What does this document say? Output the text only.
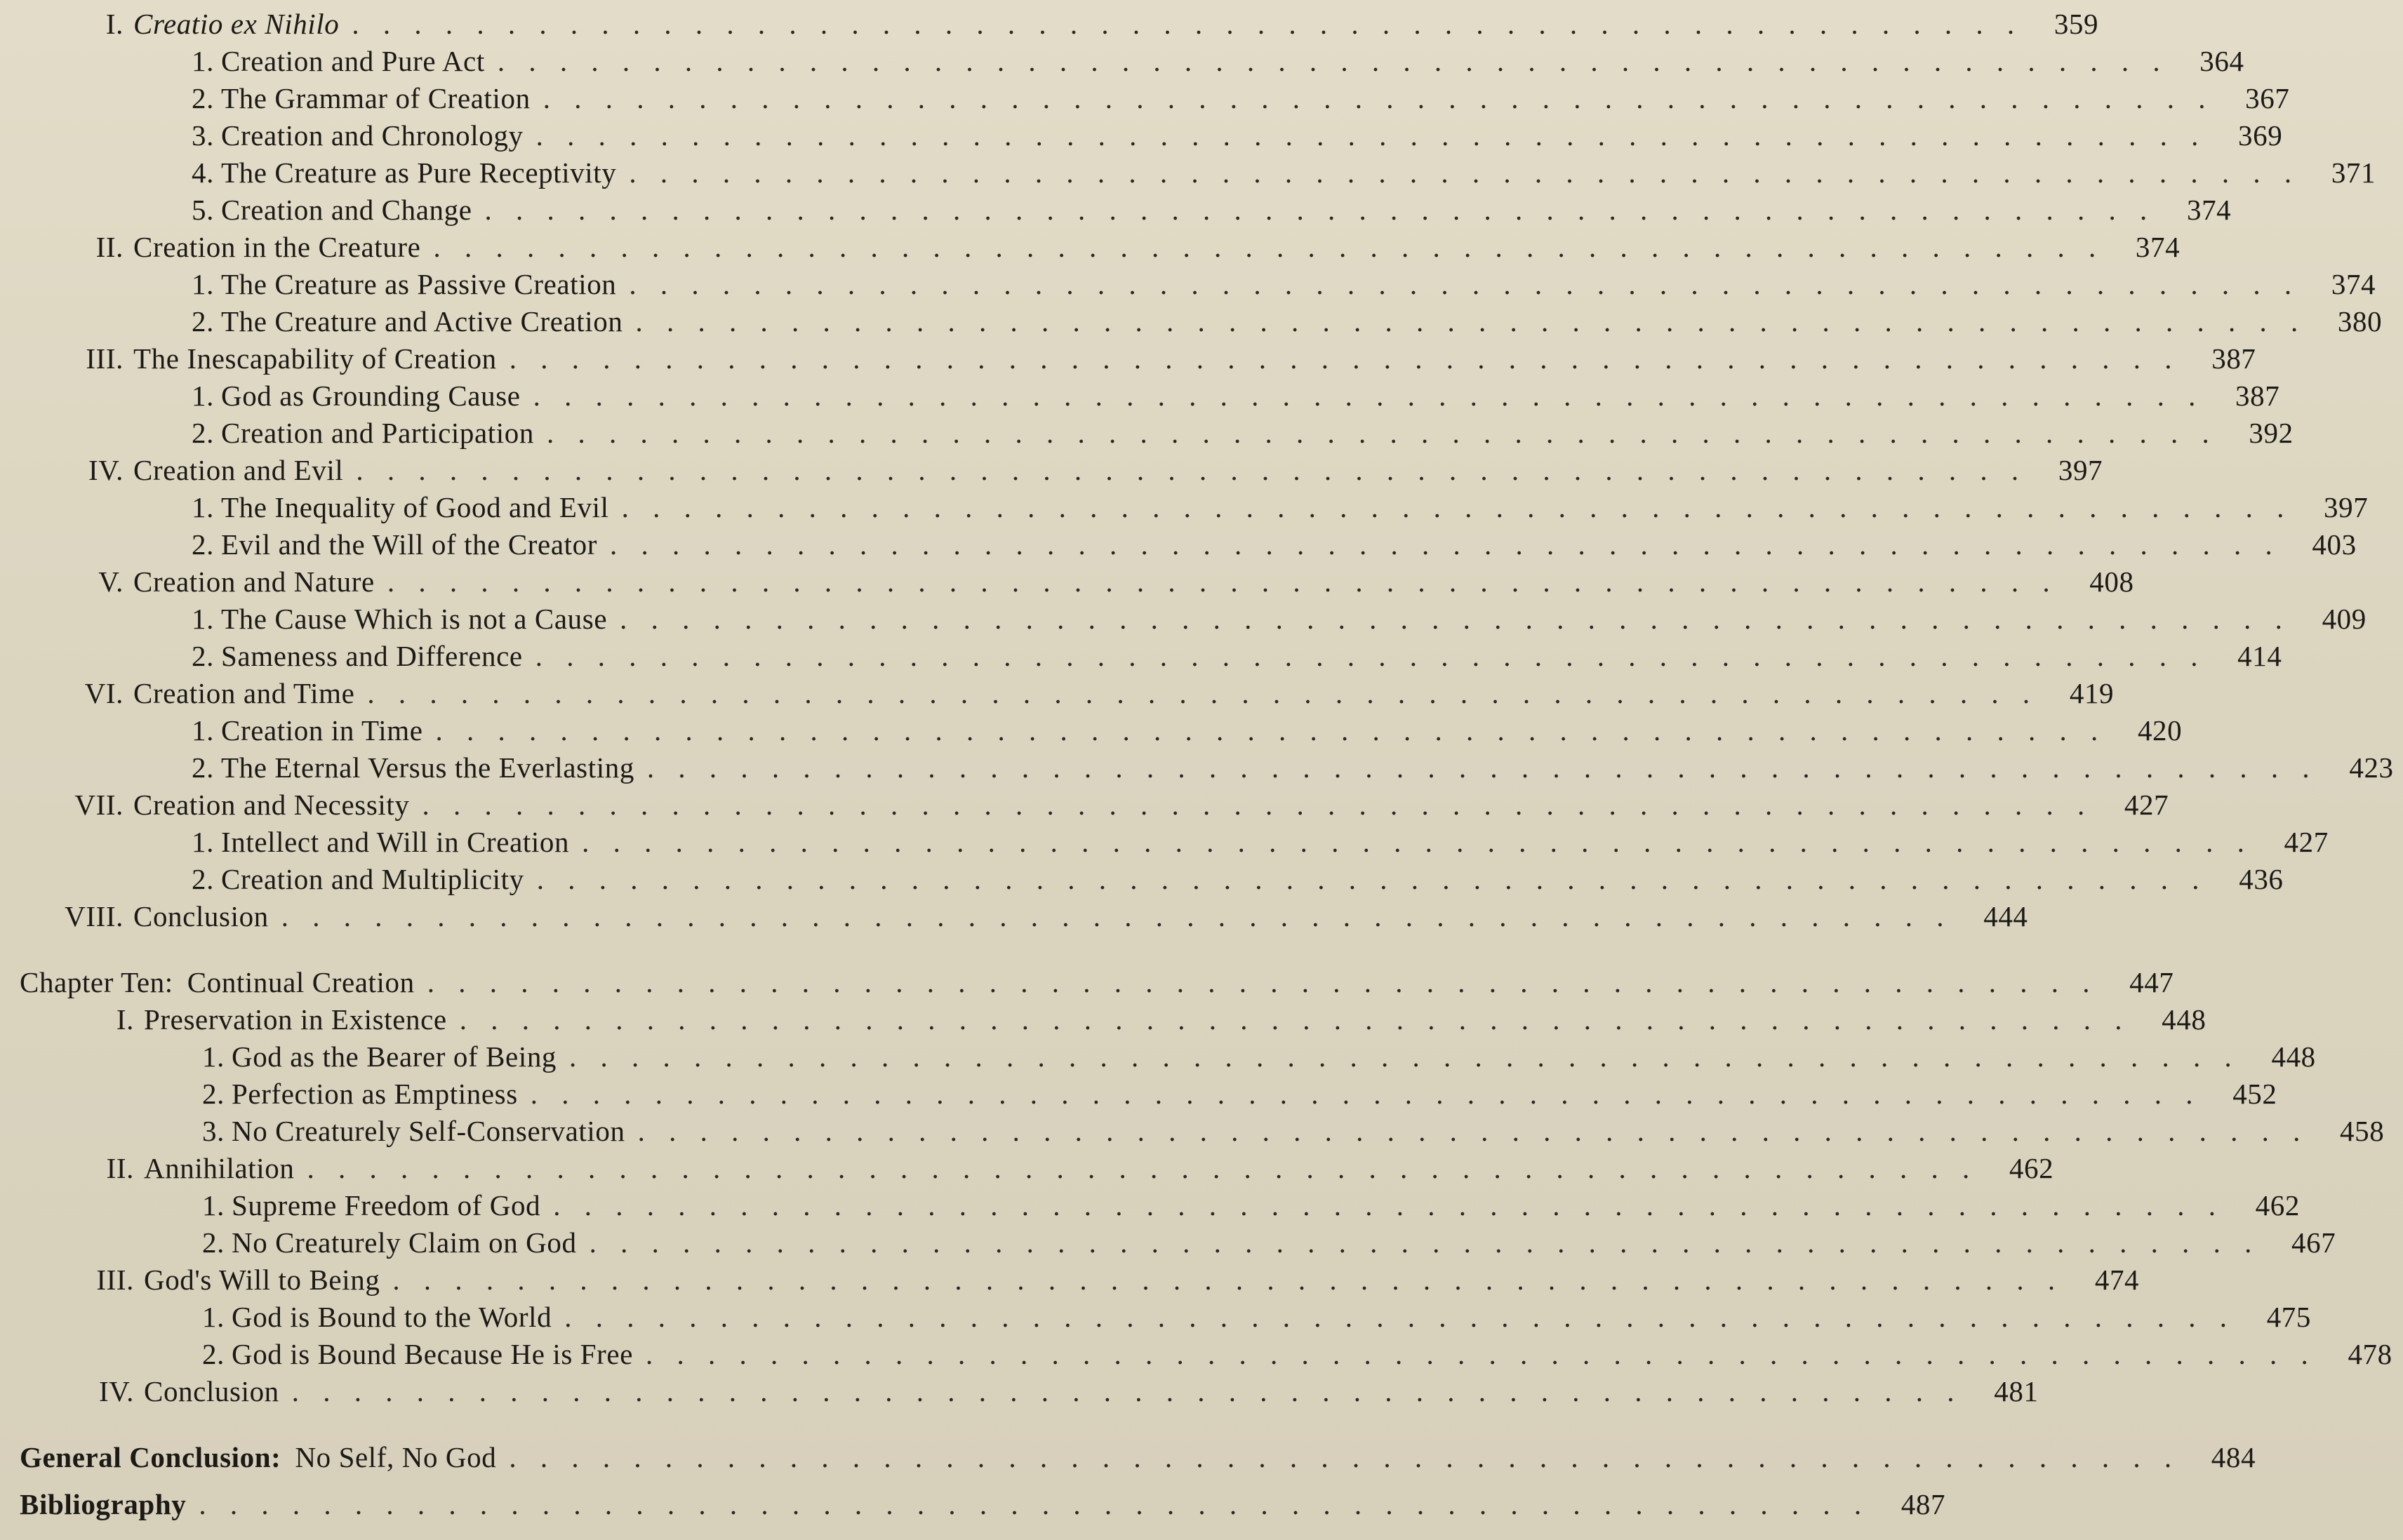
I. Creatio ex Nihilo . . . . . . . . . . . . . . . . . . . . . . . . . . . . . . . . . . . . . . . . . . . . . . . . . . . . . .	359
1. Creation and Pure Act . . . . . . . . . . . . . . . . . . . . . . . . . . . . . . . . . . . . . . . . . . . . . . . . . . . . . .	364
2. The Grammar of Creation . . . . . . . . . . . . . . . . . . . . . . . . . . . . . . . . . . . . . . . . . . . . . . . . . . . . . .	367
3. Creation and Chronology . . . . . . . . . . . . . . . . . . . . . . . . . . . . . . . . . . . . . . . . . . . . . . . . . . . . . .	369
4. The Creature as Pure Receptivity . . . . . . . . . . . . . . . . . . . . . . . . . . . . . . . . . . . . . . . . . . . . . . . . . . . . . .	371
5. Creation and Change . . . . . . . . . . . . . . . . . . . . . . . . . . . . . . . . . . . . . . . . . . . . . . . . . . . . . .	374
II. Creation in the Creature . . . . . . . . . . . . . . . . . . . . . . . . . . . . . . . . . . . . . . . . . . . . . . . . . . . . . .	374
1. The Creature as Passive Creation . . . . . . . . . . . . . . . . . . . . . . . . . . . . . . . . . . . . . . . . . . . . . . . . . . . . . .	374
2. The Creature and Active Creation . . . . . . . . . . . . . . . . . . . . . . . . . . . . . . . . . . . . . . . . . . . . . . . . . . . . . .	380
III. The Inescapability of Creation . . . . . . . . . . . . . . . . . . . . . . . . . . . . . . . . . . . . . . . . . . . . . . . . . . . . . .	387
1. God as Grounding Cause . . . . . . . . . . . . . . . . . . . . . . . . . . . . . . . . . . . . . . . . . . . . . . . . . . . . . .	387
2. Creation and Participation . . . . . . . . . . . . . . . . . . . . . . . . . . . . . . . . . . . . . . . . . . . . . . . . . . . . . .	392
IV. Creation and Evil . . . . . . . . . . . . . . . . . . . . . . . . . . . . . . . . . . . . . . . . . . . . . . . . . . . . . .	397
1. The Inequality of Good and Evil . . . . . . . . . . . . . . . . . . . . . . . . . . . . . . . . . . . . . . . . . . . . . . . . . . . . . .	397
2. Evil and the Will of the Creator . . . . . . . . . . . . . . . . . . . . . . . . . . . . . . . . . . . . . . . . . . . . . . . . . . . . . .	403
V. Creation and Nature . . . . . . . . . . . . . . . . . . . . . . . . . . . . . . . . . . . . . . . . . . . . . . . . . . . . . .	408
1. The Cause Which is not a Cause . . . . . . . . . . . . . . . . . . . . . . . . . . . . . . . . . . . . . . . . . . . . . . . . . . . . . .	409
2. Sameness and Difference . . . . . . . . . . . . . . . . . . . . . . . . . . . . . . . . . . . . . . . . . . . . . . . . . . . . . .	414
VI. Creation and Time . . . . . . . . . . . . . . . . . . . . . . . . . . . . . . . . . . . . . . . . . . . . . . . . . . . . . .	419
1. Creation in Time . . . . . . . . . . . . . . . . . . . . . . . . . . . . . . . . . . . . . . . . . . . . . . . . . . . . . .	420
2. The Eternal Versus the Everlasting . . . . . . . . . . . . . . . . . . . . . . . . . . . . . . . . . . . . . . . . . . . . . . . . . . . . . .	423
VII. Creation and Necessity . . . . . . . . . . . . . . . . . . . . . . . . . . . . . . . . . . . . . . . . . . . . . . . . . . . . . .	427
1. Intellect and Will in Creation . . . . . . . . . . . . . . . . . . . . . . . . . . . . . . . . . . . . . . . . . . . . . . . . . . . . . .	427
2. Creation and Multiplicity . . . . . . . . . . . . . . . . . . . . . . . . . . . . . . . . . . . . . . . . . . . . . . . . . . . . . .	436
VIII. Conclusion . . . . . . . . . . . . . . . . . . . . . . . . . . . . . . . . . . . . . . . . . . . . . . . . . . . . . .	444
Chapter Ten: Continual Creation . . . . . . . . . . . . . . . . . . . . . . . . . . . . . . . . . . . . . . . . . . . . . . . . . . . . . .	447
I. Preservation in Existence . . . . . . . . . . . . . . . . . . . . . . . . . . . . . . . . . . . . . . . . . . . . . . . . . . . . . .	448
1. God as the Bearer of Being . . . . . . . . . . . . . . . . . . . . . . . . . . . . . . . . . . . . . . . . . . . . . . . . . . . . . .	448
2. Perfection as Emptiness . . . . . . . . . . . . . . . . . . . . . . . . . . . . . . . . . . . . . . . . . . . . . . . . . . . . . .	452
3. No Creaturely Self-Conservation . . . . . . . . . . . . . . . . . . . . . . . . . . . . . . . . . . . . . . . . . . . . . . . . . . . . . .	458
II. Annihilation . . . . . . . . . . . . . . . . . . . . . . . . . . . . . . . . . . . . . . . . . . . . . . . . . . . . . .	462
1. Supreme Freedom of God . . . . . . . . . . . . . . . . . . . . . . . . . . . . . . . . . . . . . . . . . . . . . . . . . . . . . .	462
2. No Creaturely Claim on God . . . . . . . . . . . . . . . . . . . . . . . . . . . . . . . . . . . . . . . . . . . . . . . . . . . . . .	467
III. God's Will to Being . . . . . . . . . . . . . . . . . . . . . . . . . . . . . . . . . . . . . . . . . . . . . . . . . . . . . .	474
1. God is Bound to the World . . . . . . . . . . . . . . . . . . . . . . . . . . . . . . . . . . . . . . . . . . . . . . . . . . . . . .	475
2. God is Bound Because He is Free . . . . . . . . . . . . . . . . . . . . . . . . . . . . . . . . . . . . . . . . . . . . . . . . . . . . . .	478
IV. Conclusion . . . . . . . . . . . . . . . . . . . . . . . . . . . . . . . . . . . . . . . . . . . . . . . . . . . . . .	481
General Conclusion: No Self, No God . . . . . . . . . . . . . . . . . . . . . . . . . . . . . . . . . . . . . . . . . . . . . . . . . . . . . .	484
Bibliography . . . . . . . . . . . . . . . . . . . . . . . . . . . . . . . . . . . . . . . . . . . . . . . . . . . . . .	487
